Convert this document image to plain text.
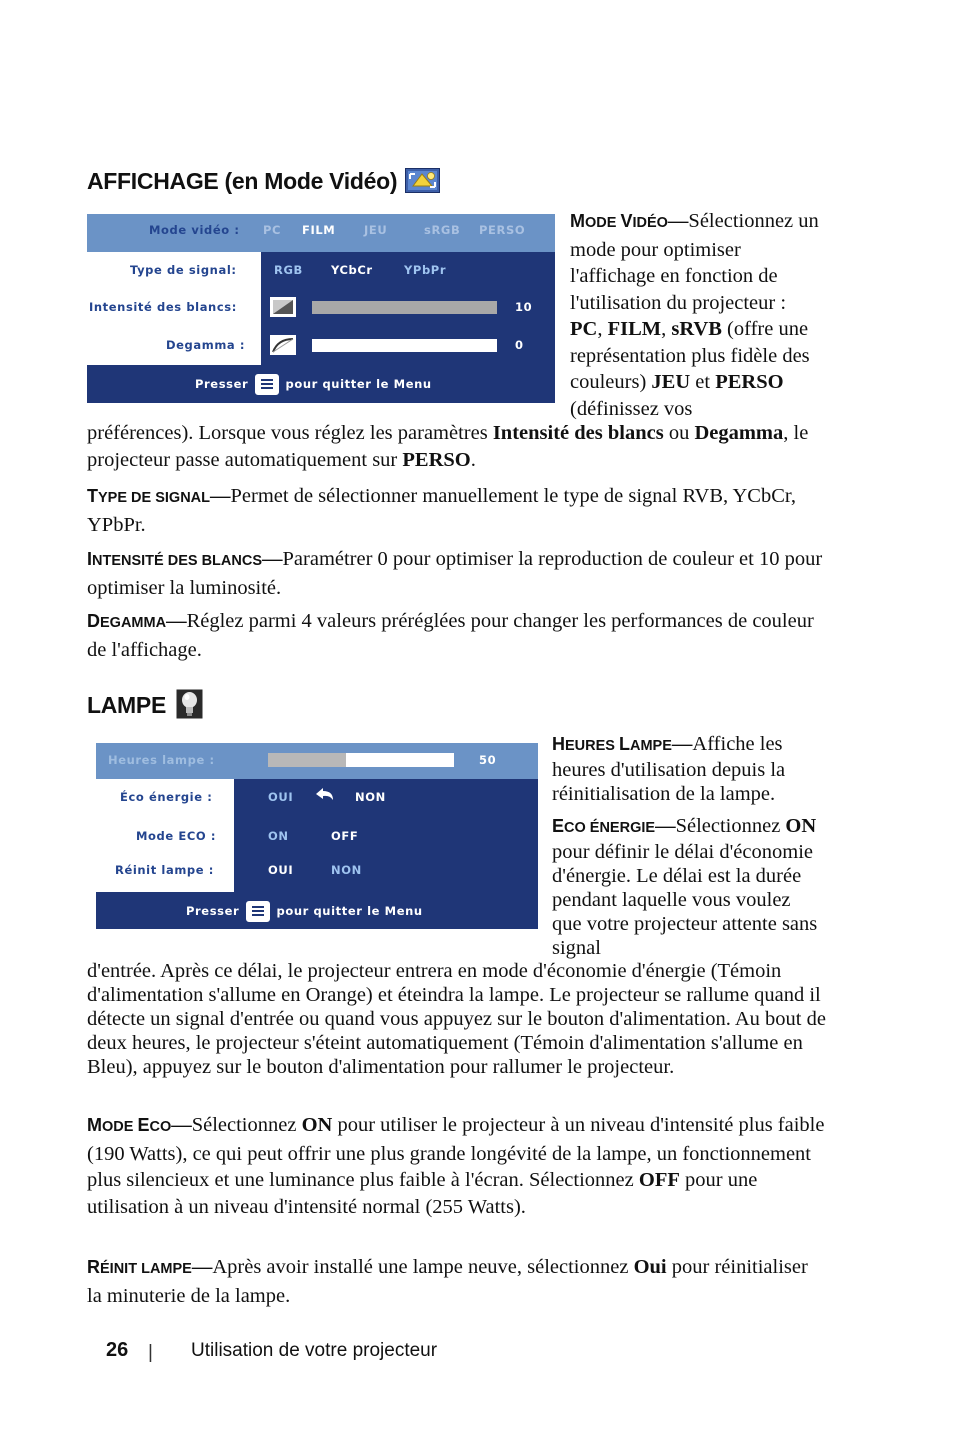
AFFICHAGE (en Mode Vidéo)
Mode vidéo : PC FILM JEU	sRGB PERSO
Type de signal:	RGB YCbCr	YPbPr
Intensité des blancs:	10
Degamma :	0
Presser	pour quitter le Menu
MODE VIDÉO—Sélectionnez un mode pour optimiser l'affichage en fonction de l'utilisation du projecteur : PC, FILM, sRVB (offre une représentation plus fidèle des couleurs) JEU et PERSO (définissez vos
préférences). Lorsque vous réglez les paramètres Intensité des blancs ou Degamma, le projecteur passe automatiquement sur PERSO.
TYPE DE SIGNAL—Permet de sélectionner manuellement le type de signal RVB, YCbCr, YPbPr.
INTENSITÉ DES BLANCS—Paramétrer 0 pour optimiser la reproduction de couleur et 10 pour optimiser la luminosité.
DEGAMMA—Réglez parmi 4 valeurs préréglées pour changer les performances de couleur de l'affichage.
LAMPE
Heures lampe :	50
Éco énergie :	OUI	NON
Mode ECO :	ON	OFF
Réinit lampe :	OUI	NON
Presser	pour quitter le Menu
HEURES LAMPE—Affiche les heures d'utilisation depuis la réinitialisation de la lampe.
ECO ÉNERGIE—Sélectionnez ON pour définir le délai d'économie d'énergie. Le délai est la durée pendant laquelle vous voulez que votre projecteur attente sans signal
d'entrée. Après ce délai, le projecteur entrera en mode d'économie d'énergie (Témoin d'alimentation s'allume en Orange) et éteindra la lampe. Le projecteur se rallume quand il détecte un signal d'entrée ou quand vous appuyez sur le bouton d'alimentation. Au bout de deux heures, le projecteur s'éteint automatiquement (Témoin d'alimentation s'allume en Bleu), appuyez sur le bouton d'alimentation pour rallumer le projecteur.
MODE ECO—Sélectionnez ON pour utiliser le projecteur à un niveau d'intensité plus faible (190 Watts), ce qui peut offrir une plus grande longévité de la lampe, un fonctionnement plus silencieux et une luminance plus faible à l'écran. Sélectionnez OFF pour une utilisation à un niveau d'intensité normal (255 Watts).
RÉINIT LAMPE—Après avoir installé une lampe neuve, sélectionnez Oui pour réinitialiser la minuterie de la lampe.
26 | Utilisation de votre projecteur
